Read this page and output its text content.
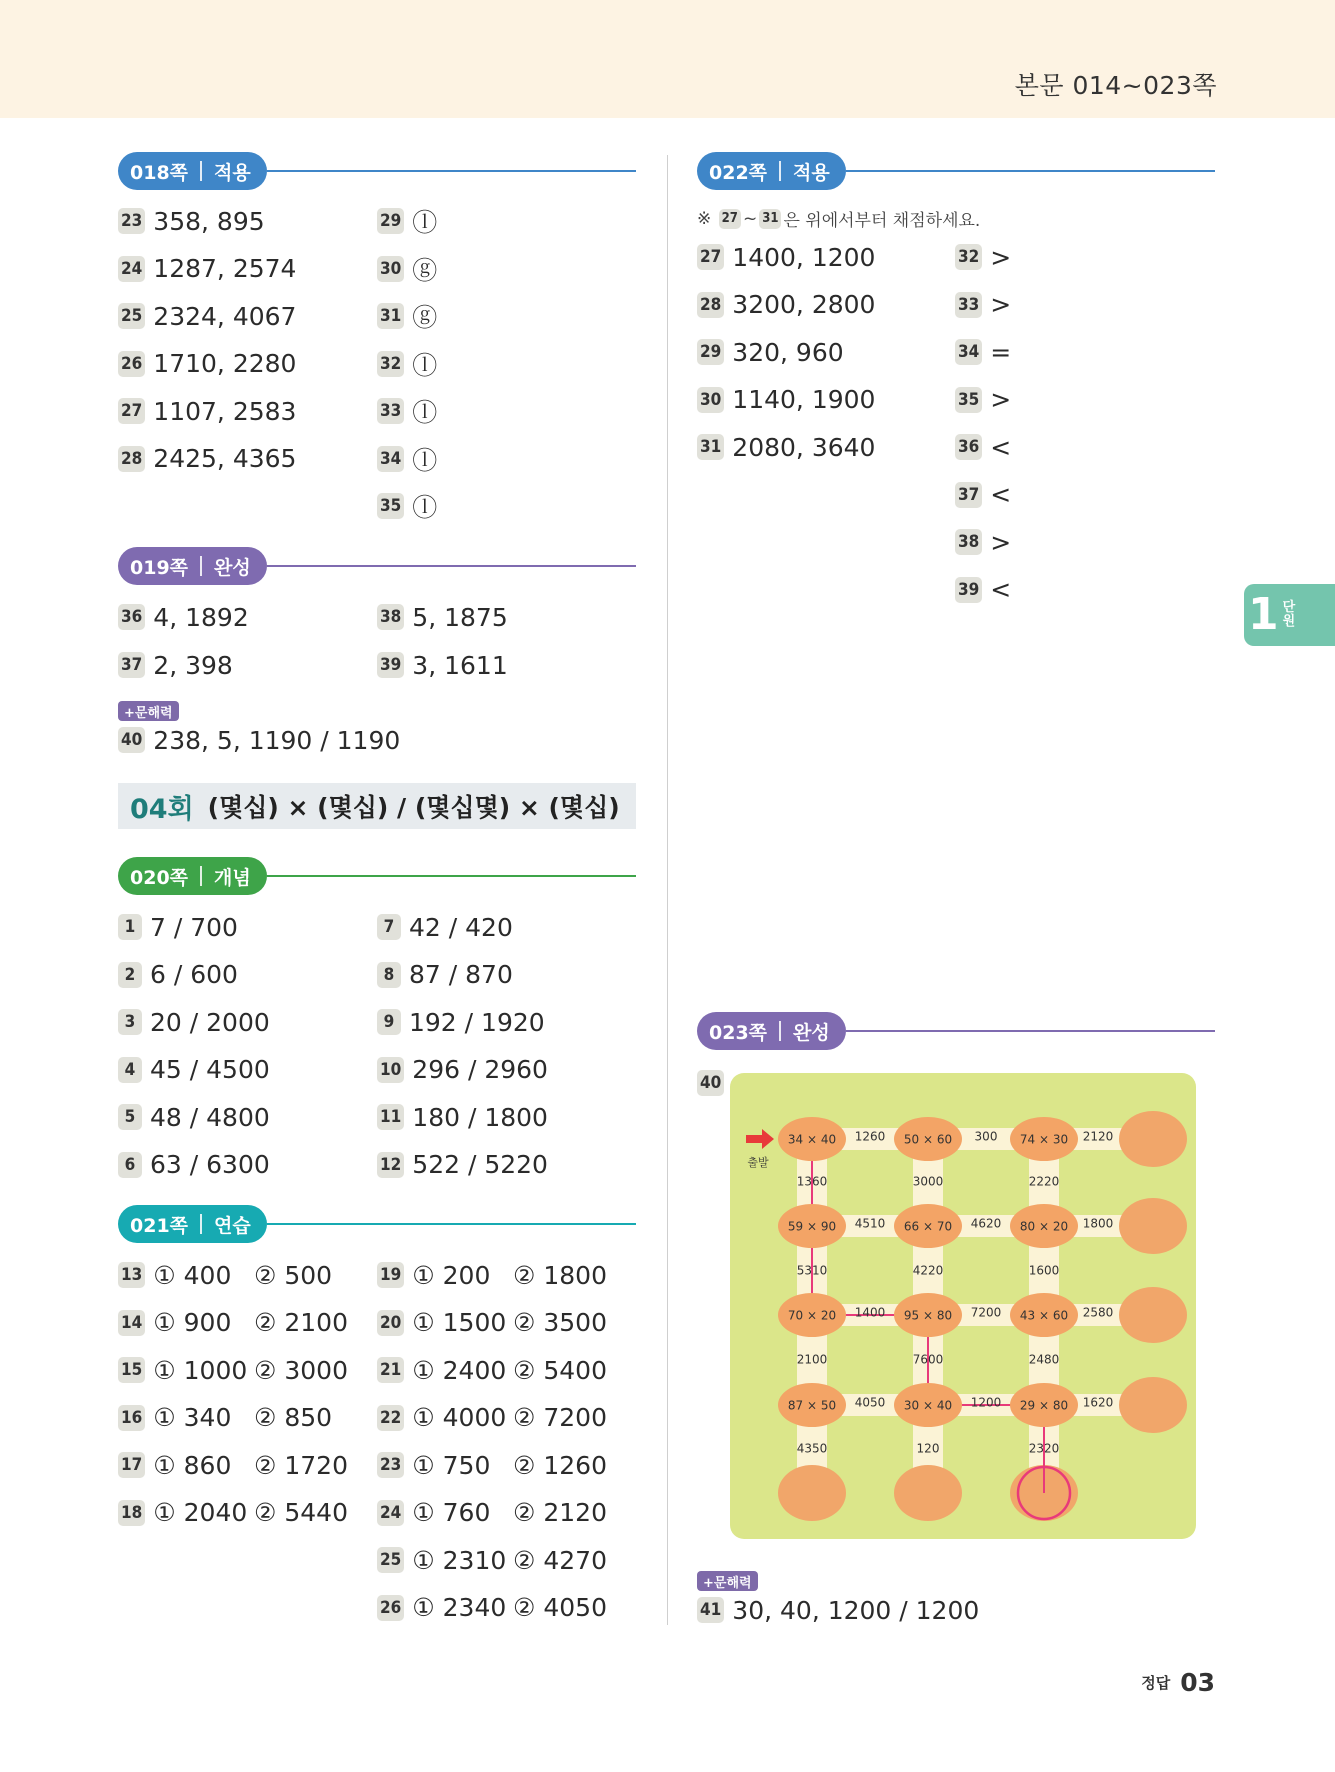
본문 014~023쪽
018쪽 적용
019쪽 완성
+문해력
40 238, 5, 1190 / 1190
04회 (몇십) × (몇십) / (몇십몇) × (몇십)
020쪽 개념
021쪽 연습
022쪽 적용
※
27 ~ 31 은 위에서부터 채점하세요.
023쪽 완성
40
출발
34 × 40	50 × 60	74 × 30
59 × 90	66 × 70	80 × 20
70 × 20	95 × 80	43 × 60
87 × 50	30 × 40	29 × 80
1260	300	2120
4510	4620	1800
1400	7200	2580
4050	1200	1620
1360	3000	2220
5310	4220	1600
2100	7600	2480
4350	120	2320
+문해력
41 30, 40, 1200 / 1200
1 단
원
정답 03
23 358, 895
24 1287, 2574
25 2324, 4067
26 1710, 2280
27 1107, 2583
28 2425, 4365
29 ⓛ
30 ⓖ
31 ⓖ
32 ⓛ
33 ⓛ
34 ⓛ
35 ⓛ
36 4, 1892	38 5, 1875
37 2, 398	39 3, 1611
1 7 / 700
2 6 / 600
3 20 / 2000
4 45 / 4500
5 48 / 4800
6 63 / 6300
7 42 / 420
8 87 / 870
9 192 / 1920
10 296 / 2960
11 180 / 1800
12 522 / 5220
13 ① 400 ② 500
14 ① 900 ② 2100
15 ① 1000 ② 3000
16 ① 340 ② 850
17 ① 860 ② 1720
18 ① 2040 ② 5440
19 ① 200 ② 1800
20 ① 1500 ② 3500
21 ① 2400 ② 5400
22 ① 4000 ② 7200
23 ① 750 ② 1260
24 ① 760 ② 2120
25 ① 2310 ② 4270
26 ① 2340 ② 4050
27 1400, 1200
28 3200, 2800
29 320, 960
30 1140, 1900
31 2080, 3640
32 >
33 >
34 =
35 >
36 <
37 <
38 >
39 <
